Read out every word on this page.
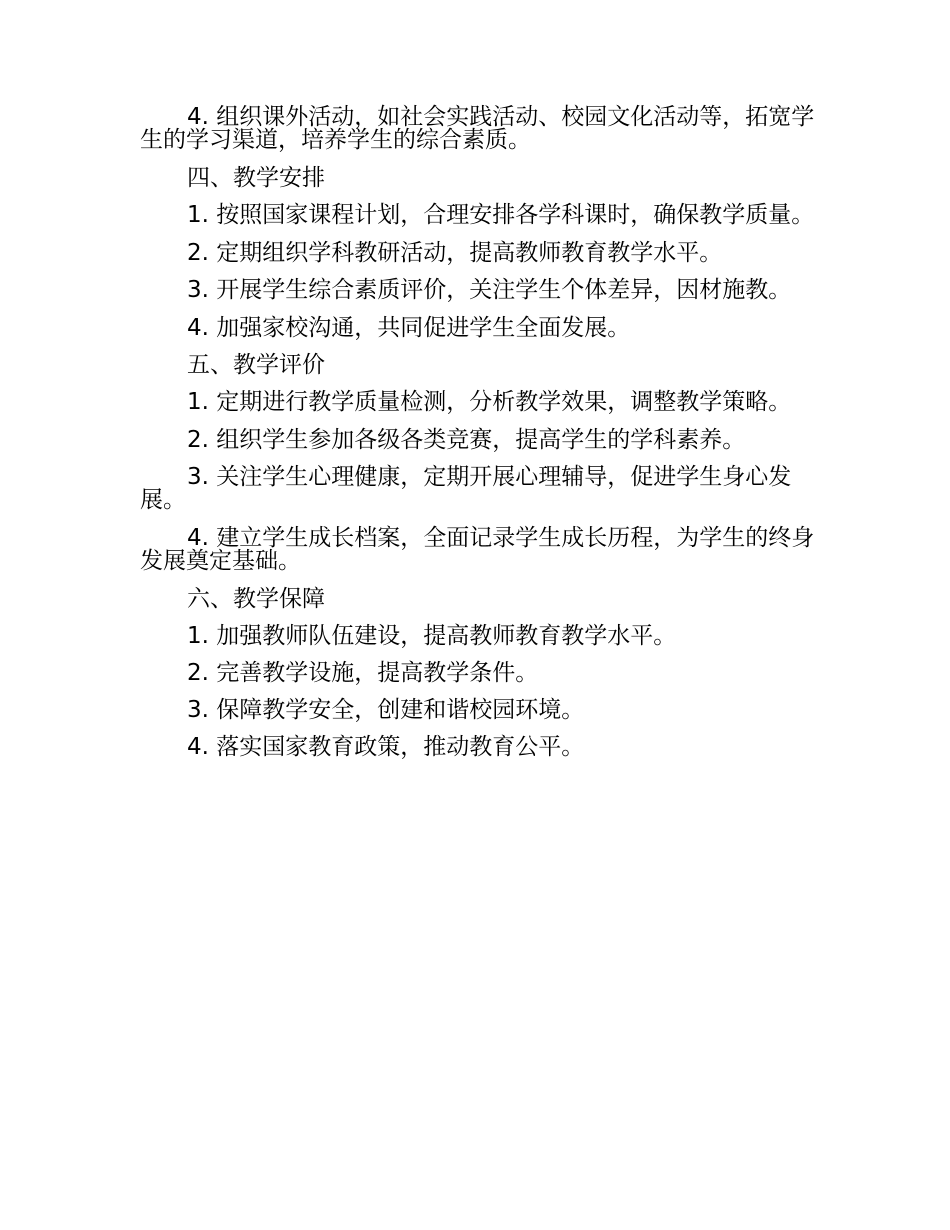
4. 组织课外活动，如社会实践活动、校园文化活动等，拓宽学生的学习渠道，培养学生的综合素质。

四、教学安排

1. 按照国家课程计划，合理安排各学科课时，确保教学质量。

2. 定期组织学科教研活动，提高教师教育教学水平。

3. 开展学生综合素质评价，关注学生个体差异，因材施教。

4. 加强家校沟通，共同促进学生全面发展。

五、教学评价

1. 定期进行教学质量检测，分析教学效果，调整教学策略。

2. 组织学生参加各级各类竞赛，提高学生的学科素养。

3. 关注学生心理健康，定期开展心理辅导，促进学生身心发展。

4. 建立学生成长档案，全面记录学生成长历程，为学生的终身发展奠定基础。

六、教学保障

1. 加强教师队伍建设，提高教师教育教学水平。

2. 完善教学设施，提高教学条件。

3. 保障教学安全，创建和谐校园环境。

4. 落实国家教育政策，推动教育公平。
